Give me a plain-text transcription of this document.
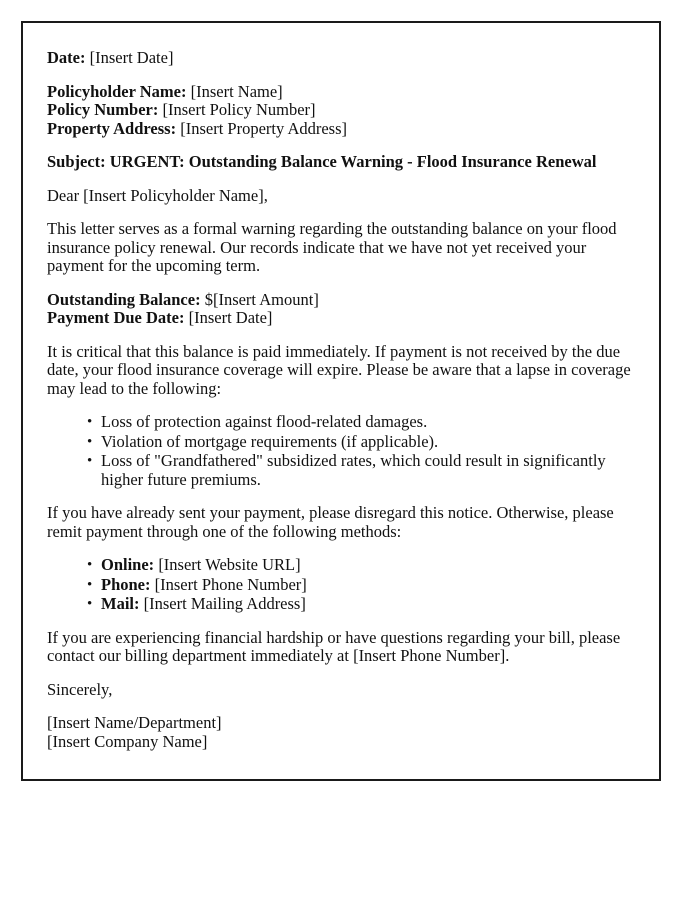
Date: [Insert Date]
Policyholder Name: [Insert Name]
Policy Number: [Insert Policy Number]
Property Address: [Insert Property Address]
Subject: URGENT: Outstanding Balance Warning - Flood Insurance Renewal
Dear [Insert Policyholder Name],
This letter serves as a formal warning regarding the outstanding balance on your flood insurance policy renewal. Our records indicate that we have not yet received your payment for the upcoming term.
Outstanding Balance: $[Insert Amount]
Payment Due Date: [Insert Date]
It is critical that this balance is paid immediately. If payment is not received by the due date, your flood insurance coverage will expire. Please be aware that a lapse in coverage may lead to the following:
• Loss of protection against flood-related damages.
• Violation of mortgage requirements (if applicable).
• Loss of "Grandfathered" subsidized rates, which could result in significantly higher future premiums.
If you have already sent your payment, please disregard this notice. Otherwise, please remit payment through one of the following methods:
• Online: [Insert Website URL]
• Phone: [Insert Phone Number]
• Mail: [Insert Mailing Address]
If you are experiencing financial hardship or have questions regarding your bill, please contact our billing department immediately at [Insert Phone Number].
Sincerely,
[Insert Name/Department]
[Insert Company Name]
